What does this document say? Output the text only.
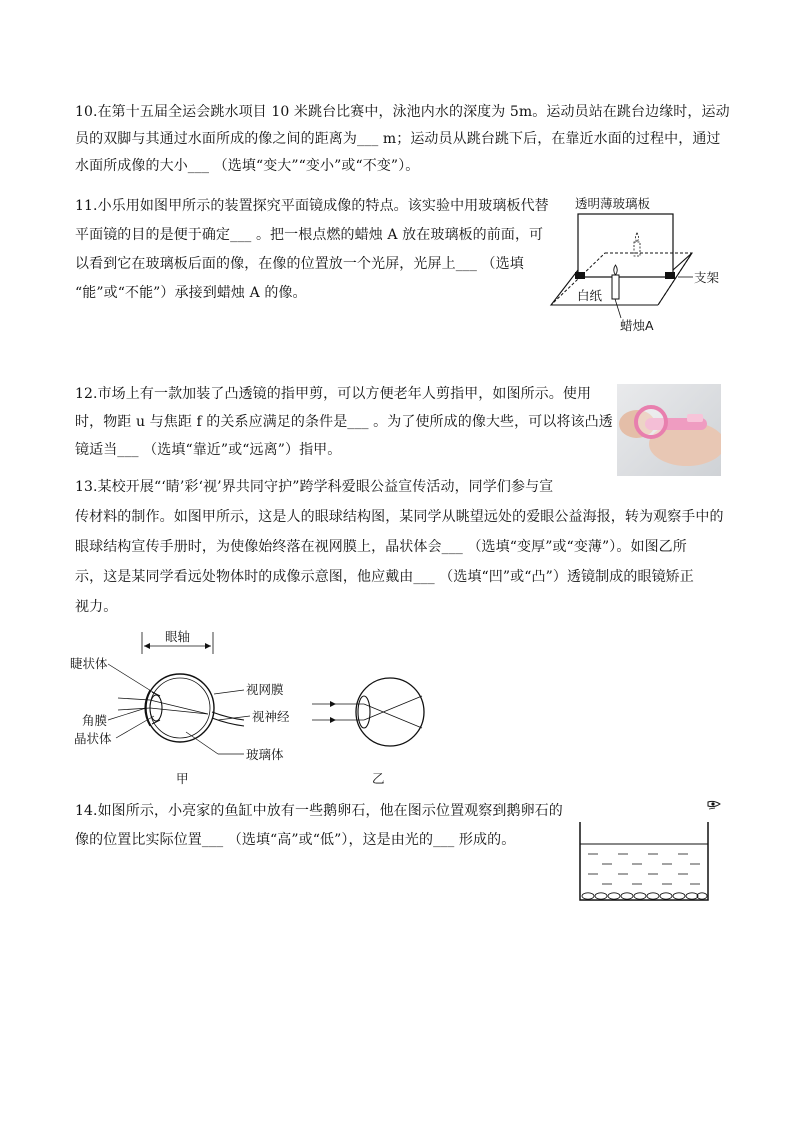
10.在第十五届全运会跳水项目 10 米跳台比赛中，泳池内水的深度为 5m。运动员站在跳台边缘时，运动
员的双脚与其通过水面所成的像之间的距离为___ m；运动员从跳台跳下后，在靠近水面的过程中，通过
水面所成像的大小___ （选填“变大”“变小”或“不变”）。
11.小乐用如图甲所示的装置探究平面镜成像的特点。该实验中用玻璃板代替
平面镜的目的是便于确定___ 。把一根点燃的蜡烛 A 放在玻璃板的前面，可
以看到它在玻璃板后面的像，在像的位置放一个光屏，光屏上___ （选填
“能”或“不能”）承接到蜡烛 A 的像。
透明薄玻璃板
支架
白纸
蜡烛A
12.市场上有一款加装了凸透镜的指甲剪，可以方便老年人剪指甲，如图所示。使用
时，物距 u 与焦距 f 的关系应满足的条件是___ 。为了使所成的像大些，可以将该凸透
镜适当___ （选填“靠近”或“远离”）指甲。
13.某校开展“‘睛’彩‘视’界共同守护”跨学科爱眼公益宣传活动，同学们参与宣
传材料的制作。如图甲所示，这是人的眼球结构图，某同学从眺望远处的爱眼公益海报，转为观察手中的
眼球结构宣传手册时，为使像始终落在视网膜上，晶状体会___ （选填“变厚”或“变薄”）。如图乙所
示，这是某同学看远处物体时的成像示意图，他应戴由___ （选填“凹”或“凸”）透镜制成的眼镜矫正
视力。
眼轴
睫状体
角膜
晶状体
视网膜
视神经
玻璃体
甲	乙
14.如图所示，小亮家的鱼缸中放有一些鹅卵石，他在图示位置观察到鹅卵石的
像的位置比实际位置___ （选填“高”或“低”），这是由光的___ 形成的。
